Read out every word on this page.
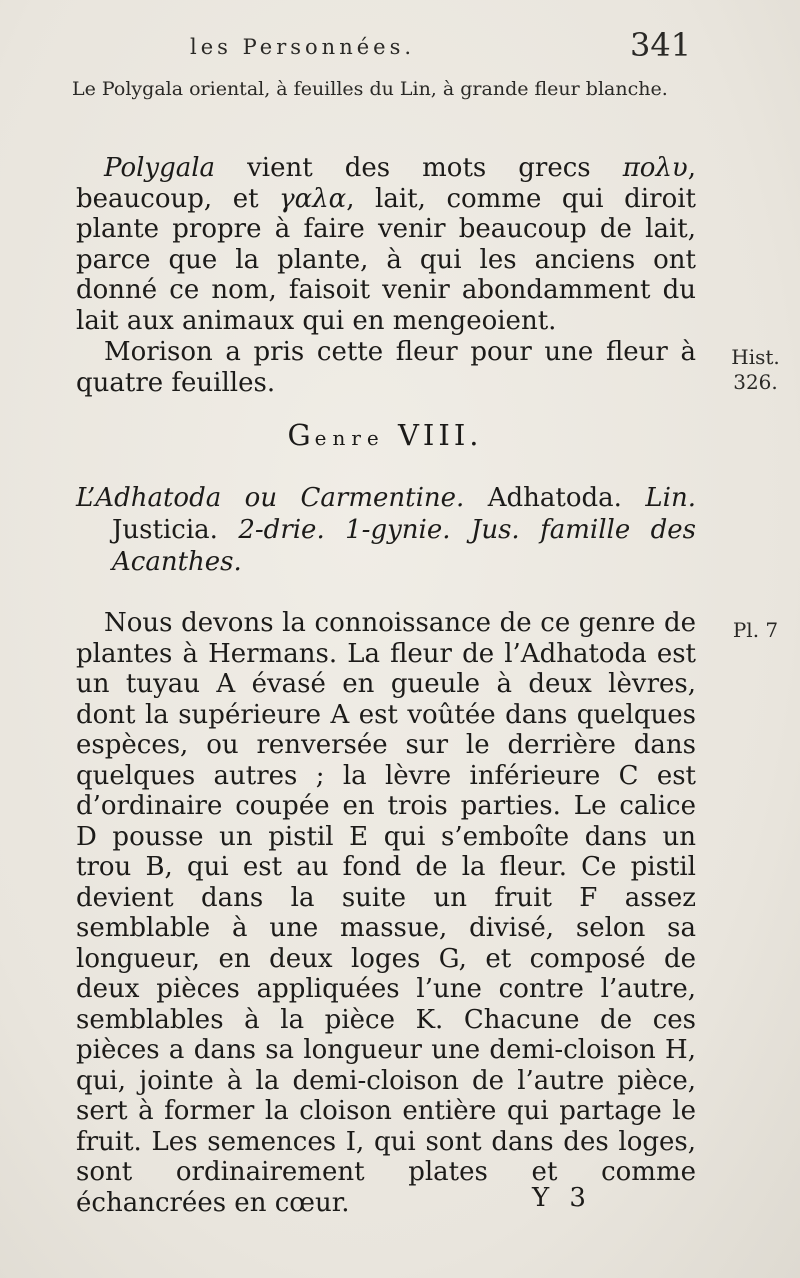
les Personnées.	341
Le Polygala oriental, à feuilles du Lin, à grande fleur blanche.
Polygala vient des mots grecs πολυ, beaucoup, et γαλα, lait, comme qui diroit plante propre à faire venir beaucoup de lait, parce que la plante, à qui les anciens ont donné ce nom, faisoit venir abondamment du lait aux animaux qui en mengeoient.
Morison a pris cette fleur pour une fleur à quatre feuilles.
Hist.
326.
Genre VIII.
L’Adhatoda ou Carmentine. Adhatoda. Lin. Justicia. 2-drie. 1-gynie. Jus. famille des Acanthes.
Pl. 7
Nous devons la connoissance de ce genre de plantes à Hermans. La fleur de l’Adhatoda est un tuyau A évasé en gueule à deux lèvres, dont la supérieure A est voûtée dans quelques espèces, ou renversée sur le derrière dans quelques autres ; la lèvre inférieure C est d’ordinaire coupée en trois parties. Le calice D pousse un pistil E qui s’emboîte dans un trou B, qui est au fond de la fleur. Ce pistil devient dans la suite un fruit F assez semblable à une massue, divisé, selon sa longueur, en deux loges G, et composé de deux pièces appliquées l’une contre l’autre, semblables à la pièce K. Chacune de ces pièces a dans sa longueur une demi-cloison H, qui, jointe à la demi-cloison de l’autre pièce, sert à former la cloison entière qui partage le fruit. Les semences I, qui sont dans des loges, sont ordinairement plates et comme échancrées en cœur.	Y 3
